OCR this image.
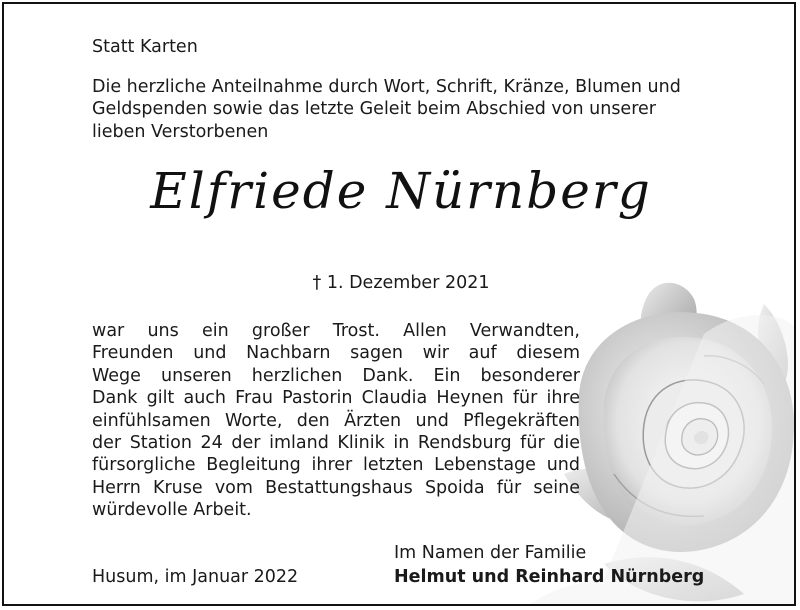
Statt Karten
Die herzliche Anteilnahme durch Wort, Schrift, Kränze, Blumen und
Geldspenden sowie das letzte Geleit beim Abschied von unserer
lieben Verstorbenen
Elfriede Nürnberg
† 1. Dezember 2021
war uns ein großer Trost. Allen Verwandten,
Freunden und Nachbarn sagen wir auf diesem
Wege unseren herzlichen Dank. Ein besonderer
Dank gilt auch Frau Pastorin Claudia Heynen für ihre
einfühlsamen Worte, den Ärzten und Pflegekräften
der Station 24 der imland Klinik in Rendsburg für die
fürsorgliche Begleitung ihrer letzten Lebenstage und
Herrn Kruse vom Bestattungshaus Spoida für seine
würdevolle Arbeit.
Husum, im Januar 2022
Im Namen der Familie
Helmut und Reinhard Nürnberg
